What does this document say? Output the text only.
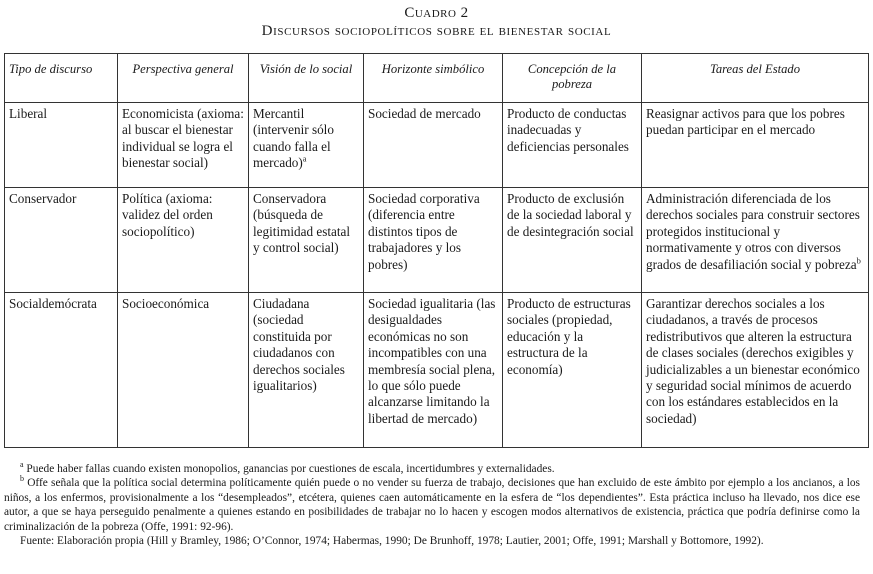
Cuadro 2
Discursos sociopolíticos sobre el bienestar social
Tipo de discurso	Perspectiva general	Visión de lo social	Horizonte simbólico	Concepción de la pobreza	Tareas del Estado
Liberal	Economicista (axioma: al buscar el bienestar individual se logra el bienestar social)	Mercantil (intervenir sólo cuando falla el mercado)$^a$	Sociedad de mercado	Producto de conductas inadecuadas y deficiencias personales	Reasignar activos para que los pobres puedan participar en el mercado
Conservador	Política (axioma: validez del orden sociopolítico)	Conservadora (búsqueda de legitimidad estatal y control social)	Sociedad corporativa (diferencia entre distintos tipos de trabajadores y los pobres)	Producto de exclusión de la sociedad laboral y de desintegración social	Administración diferenciada de los derechos sociales para construir sectores protegidos institucional y normativamente y otros con diversos grados de desafiliación social y pobreza$^b$
Socialdemócrata	Socioeconómica	Ciudadana (sociedad constituida por ciudadanos con derechos sociales igualitarios)	Sociedad igualitaria (las desigualdades económicas no son incompatibles con una membresía social plena, lo que sólo puede alcanzarse limitando la libertad de mercado)	Producto de estructuras sociales (propiedad, educación y la estructura de la economía)	Garantizar derechos sociales a los ciudadanos, a través de procesos redistributivos que alteren la estructura de clases sociales (derechos exigibles y judicializables a un bienestar económico y seguridad social mínimos de acuerdo con los estándares establecidos en la sociedad)

$^a$ Puede haber fallas cuando existen monopolios, ganancias por cuestiones de escala, incertidumbres y externalidades.

$^b$ Offe señala que la política social determina políticamente quién puede o no vender su fuerza de trabajo, decisiones que han excluido de este ámbito por ejemplo a los ancianos, a los niños, a los enfermos, provisionalmente a los “desempleados”, etcétera, quienes caen automáticamente en la esfera de “los dependientes”. Esta práctica incluso ha llevado, nos dice ese autor, a que se haya perseguido penalmente a quienes estando en posibilidades de trabajar no lo hacen y escogen modos alternativos de existencia, práctica que podría definirse como la criminalización de la pobreza (Offe, 1991: 92-96).

Fuente: Elaboración propia (Hill y Bramley, 1986; O’Connor, 1974; Habermas, 1990; De Brunhoff, 1978; Lautier, 2001; Offe, 1991; Marshall y Bottomore, 1992).
